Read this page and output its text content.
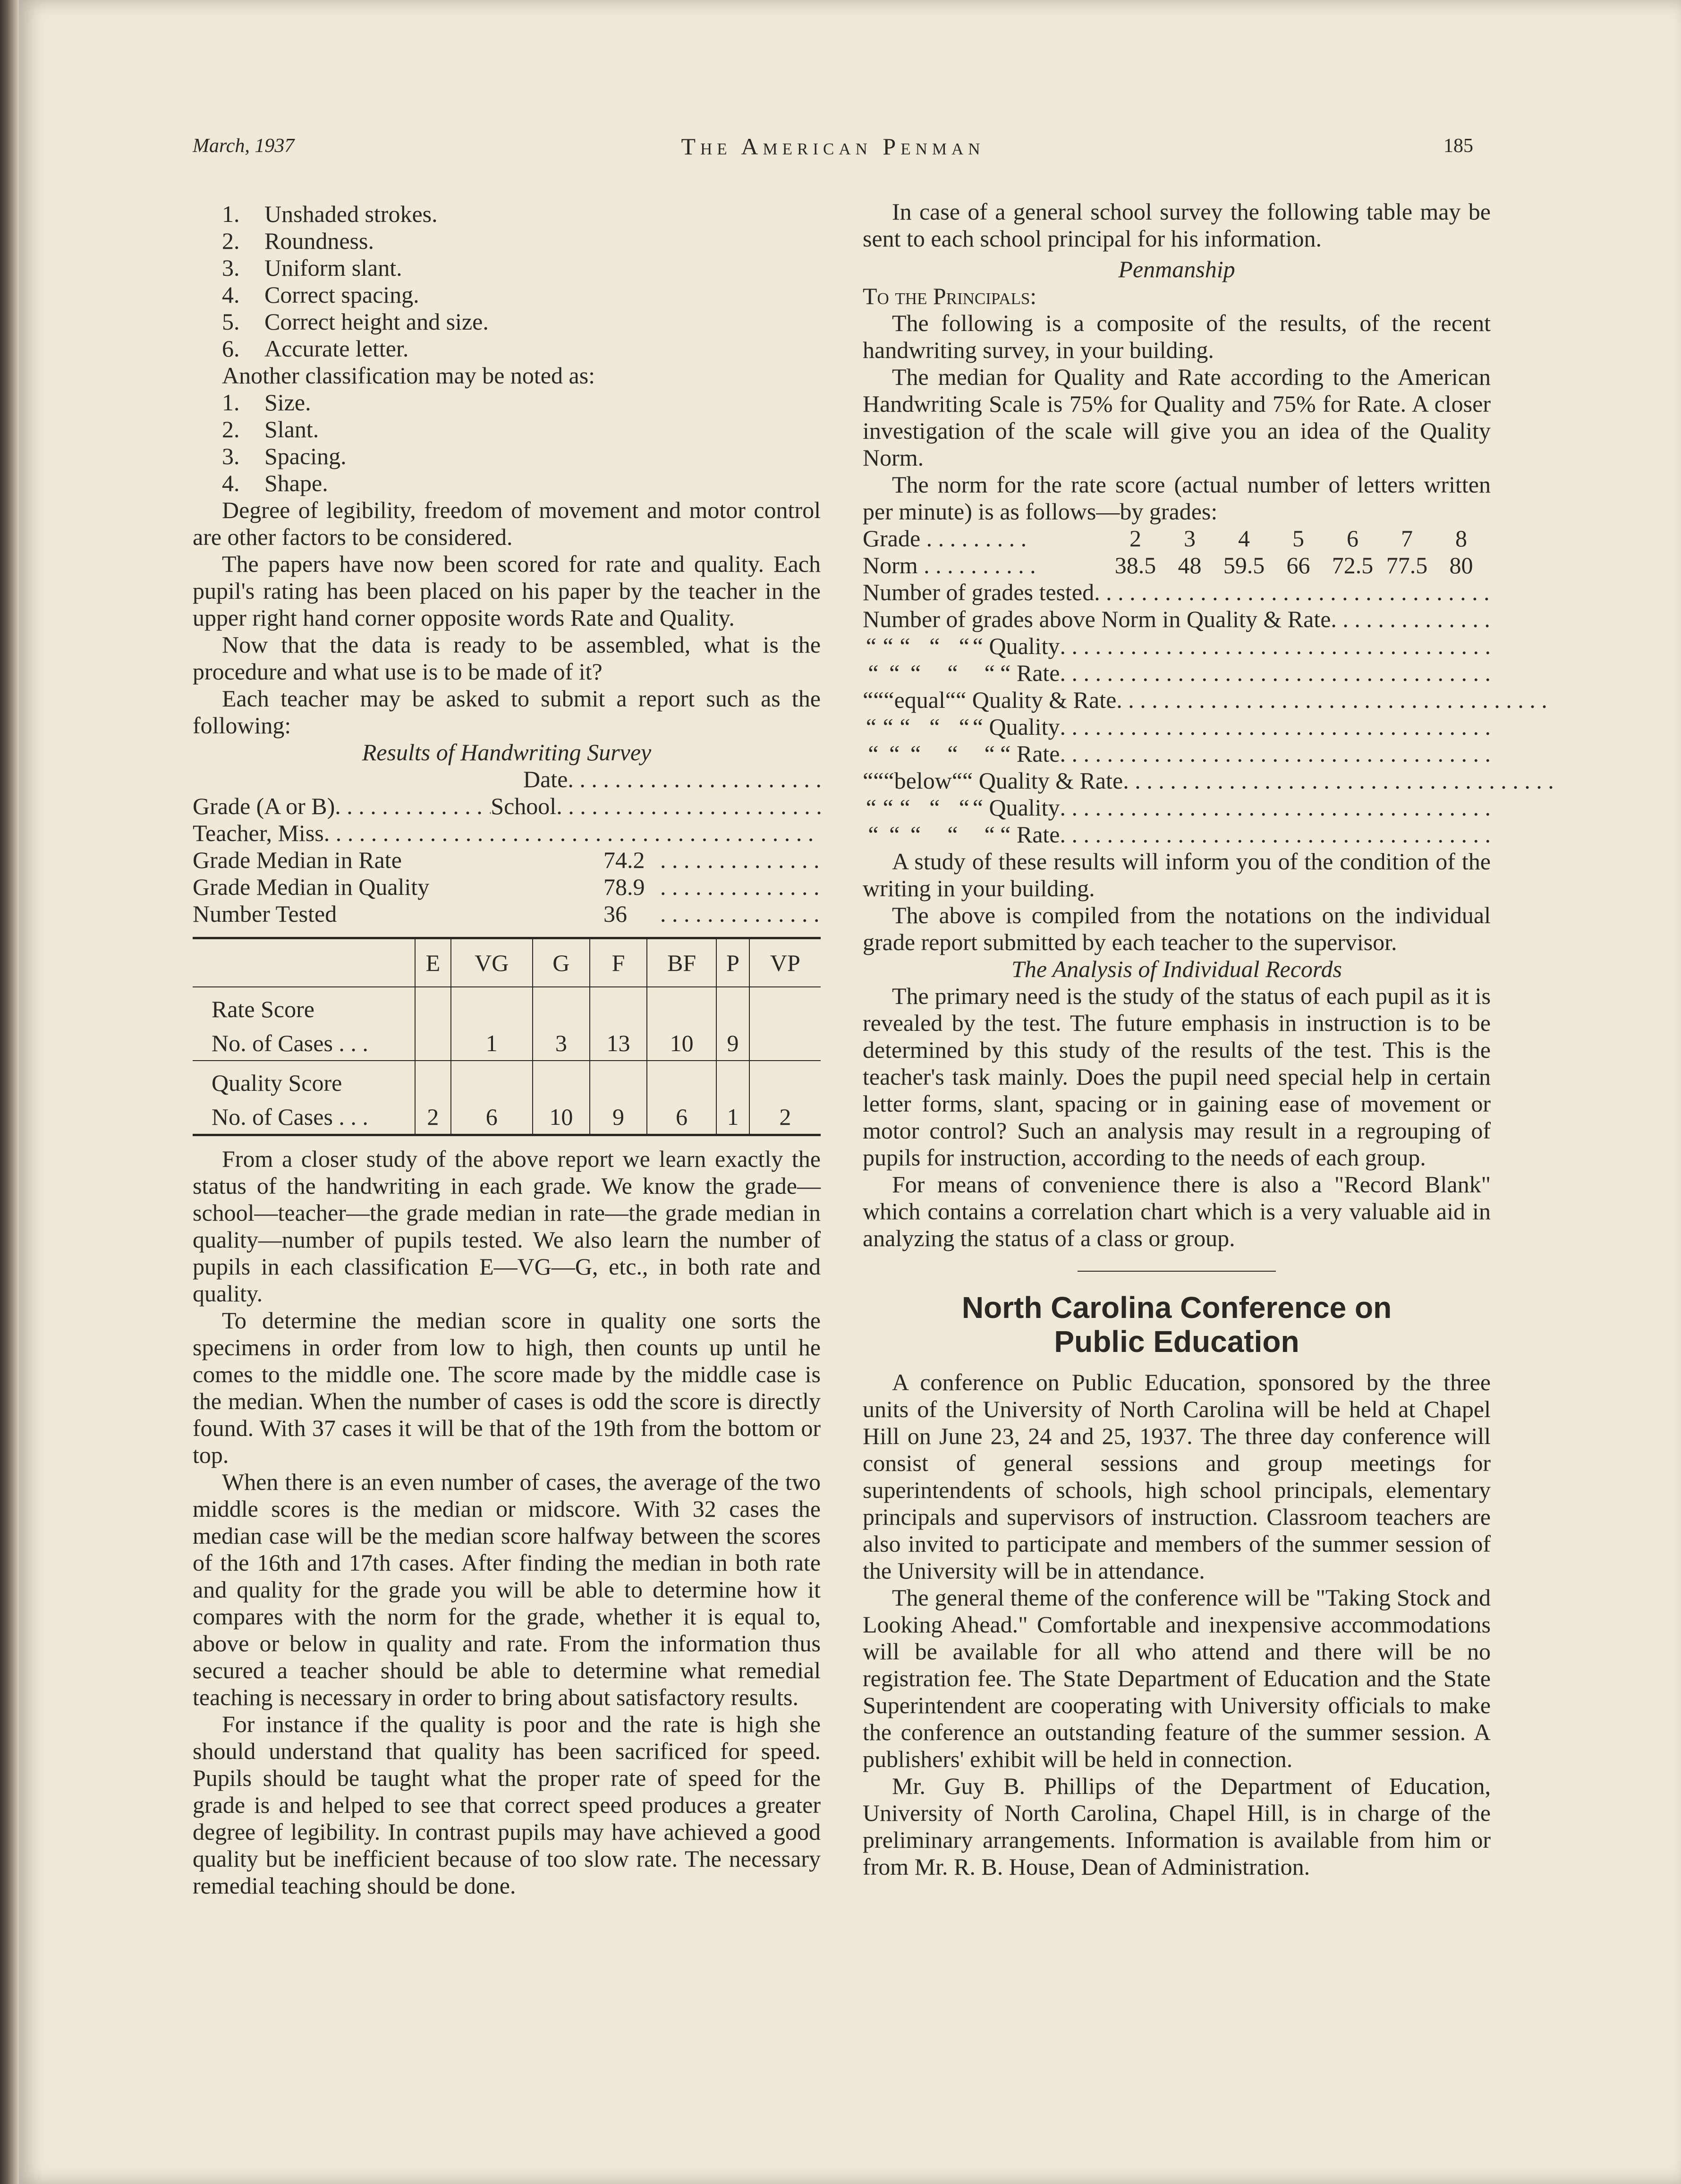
March, 1937	The American Penman	185
1. Unshaded strokes.
2. Roundness.
3. Uniform slant.
4. Correct spacing.
5. Correct height and size.
6. Accurate letter.

Another classification may be noted as:

1. Size.
2. Slant.
3. Spacing.
4. Shape.

Degree of legibility, freedom of movement and motor control are other factors to be considered.

The papers have now been scored for rate and quality. Each pupil's rating has been placed on his paper by the teacher in the upper right hand corner opposite words Rate and Quality.

Now that the data is ready to be assembled, what is the procedure and what use is to be made of it?

Each teacher may be asked to submit a report such as the following:

Results of Handwriting Survey

Date
. . .
Grade (A or B) . . .	School
. . .
Teacher, Miss
. . .
Grade Median in Rate	74.2
. . .
Grade Median in Quality	78.9
. . .
Number Tested	36
. . .
	E	VG	G	F	BF	P	VP
Rate Score							
No. of Cases . . .		1	3	13	10	9	
Quality Score							
No. of Cases . . .	2	6	10	9	6	1	2

From a closer study of the above report we learn exactly the status of the handwriting in each grade. We know the grade—school—teacher—the grade median in rate—the grade median in quality—number of pupils tested. We also learn the number of pupils in each classification E—VG—G, etc., in both rate and quality.

To determine the median score in quality one sorts the specimens in order from low to high, then counts up until he comes to the middle one. The score made by the middle case is the median. When the number of cases is odd the score is directly found. With 37 cases it will be that of the 19th from the bottom or top.

When there is an even number of cases, the average of the two middle scores is the median or midscore. With 32 cases the median case will be the median score halfway between the scores of the 16th and 17th cases. After finding the median in both rate and quality for the grade you will be able to determine how it compares with the norm for the grade, whether it is equal to, above or below in quality and rate. From the information thus secured a teacher should be able to determine what remedial teaching is necessary in order to bring about satisfactory results.

For instance if the quality is poor and the rate is high she should understand that quality has been sacrificed for speed. Pupils should be taught what the proper rate of speed for the grade is and helped to see that correct speed produces a greater degree of legibility. In contrast pupils may have achieved a good quality but be inefficient because of too slow rate. The necessary remedial teaching should be done.

In case of a general school survey the following table may be sent to each school principal for his information.

Penmanship

To the Principals:

The following is a composite of the results, of the recent handwriting survey, in your building.

The median for Quality and Rate according to the American Handwriting Scale is 75% for Quality and 75% for Rate. A closer investigation of the scale will give you an idea of the Quality Norm.

The norm for the rate score (actual number of letters written per minute) is as follows—by grades:

Grade . . . . . . . . .	2	3	4	5	6	7	8
Norm . . . . . . . . . .	38.5 48 59.5 66 72.5 77.5 80
Number of grades tested
. . .
Number of grades above Norm in Quality & Rate
. . .
“ “ “ “ “ “ Quality
. . .
“ “ “	“	“ “ Rate
. . .
“ “ “ equal “ “ Quality & Rate
. . .
“ “ “ “ “ “ Quality
. . .
“ “ “	“	“ “ Rate
. . .
“ “ “ below “ “ Quality & Rate
. . .
“ “ “ “ “ “ Quality
. . .
“ “ “	“	“ “ Rate
. . .

A study of these results will inform you of the condition of the writing in your building.

The above is compiled from the notations on the individual grade report submitted by each teacher to the supervisor.

The Analysis of Individual Records

The primary need is the study of the status of each pupil as it is revealed by the test. The future emphasis in instruction is to be determined by this study of the results of the test. This is the teacher's task mainly. Does the pupil need special help in certain letter forms, slant, spacing or in gaining ease of movement or motor control? Such an analysis may result in a regrouping of pupils for instruction, according to the needs of each group.

For means of convenience there is also a "Record Blank" which contains a correlation chart which is a very valuable aid in analyzing the status of a class or group.

North Carolina Conference on
Public Education

A conference on Public Education, sponsored by the three units of the University of North Carolina will be held at Chapel Hill on June 23, 24 and 25, 1937. The three day conference will consist of general sessions and group meetings for superintendents of schools, high school principals, elementary principals and supervisors of instruction. Classroom teachers are also invited to participate and members of the summer session of the University will be in attendance.

The general theme of the conference will be "Taking Stock and Looking Ahead." Comfortable and inexpensive accommodations will be available for all who attend and there will be no registration fee. The State Department of Education and the State Superintendent are cooperating with University officials to make the conference an outstanding feature of the summer session. A publishers' exhibit will be held in connection.

Mr. Guy B. Phillips of the Department of Education, University of North Carolina, Chapel Hill, is in charge of the preliminary arrangements. Information is available from him or from Mr. R. B. House, Dean of Administration.
